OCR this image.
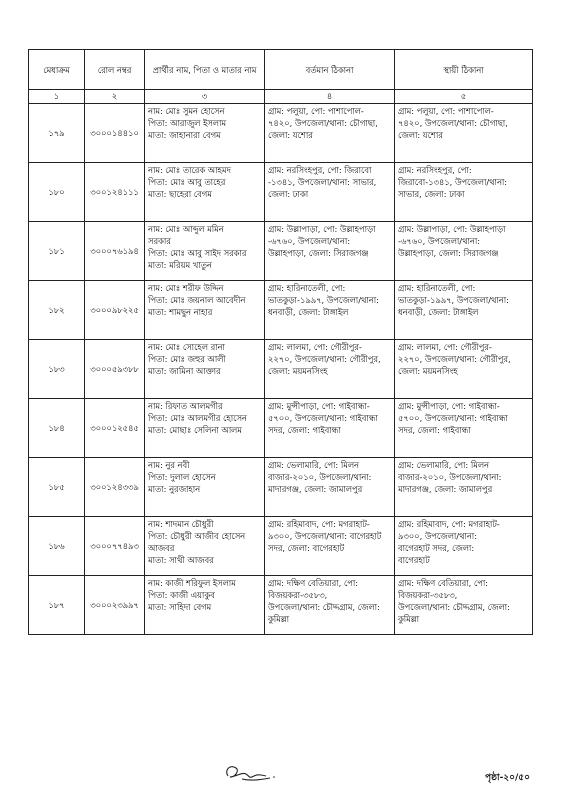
মেধাক্রম	রোল নম্বর	প্রার্থীর নাম, পিতা ও মাতার নাম	বর্তমান ঠিকানা	স্থায়ী ঠিকানা
১	২	৩	৪	৫
১৭৯	৩০০০১৪৪১০	নাম: মোঃ সুমন হোসেন
পিতা: আরাজুল ইসলাম
মাতা: জাহানারা বেগম	গ্রাম: পলুয়া, পো: পাশাপোল-
৭৪২০, উপজেলা/থানা: চৌগাছা,
জেলা: যশোর	গ্রাম: পলুয়া, পো: পাশাপোল-
৭৪২০, উপজেলা/থানা: চৌগাছা,
জেলা: যশোর

১৮০	৩০০১২৪১১১	নাম: মোঃ তারেক আহমদ
পিতা: মোঃ আবু তাহের
মাতা: ছাহেরা বেগম	গ্রাম: নরসিংহপুর, পো: জিরাবো
-১৩৪১, উপজেলা/থানা: সাভার,
জেলা: ঢাকা	গ্রাম: নরসিংহপুর, পো:
জিরাবো-১৩৪১, উপজেলা/থানা:
সাভার, জেলা: ঢাকা

১৮১	৩০০০৭৬১৯৪	নাম: মোঃ আব্দুল মমিন
সরকার
পিতা: মোঃ আবু সাইদ সরকার
মাতা: মরিয়ম খাতুন	গ্রাম: উল্লাপাড়া, পো: উল্লাহপাড়া
-৬৭৬০, উপজেলা/থানা:
উল্লাহপাড়া, জেলা: সিরাজগঞ্জ	গ্রাম: উল্লাপাড়া, পো: উল্লাহপাড়া
-৬৭৬০, উপজেলা/থানা:
উল্লাহপাড়া, জেলা: সিরাজগঞ্জ

১৮২	৩০০০৯৮২২৫	নাম: মোঃ শরীফ উদ্দিন
পিতা: মোঃ জয়নাল আবেদীন
মাতা: শামছুন নাহার	গ্রাম: হারিনাতেলী, পো:
ভাতকুড়া-১৯৯৭, উপজেলা/থানা:
ধনবাড়ী, জেলা: টাঙ্গাইল	গ্রাম: হারিনাতেলী, পো:
ভাতকুড়া-১৯৯৭, উপজেলা/থানা:
ধনবাড়ী, জেলা: টাঙ্গাইল

১৮৩	৩০০০৫৯৩৮৮	নাম: মোঃ সোহেল রানা
পিতা: মোঃ জহুর আলী
মাতা: জামিনা আক্তার	গ্রাম: লালমা, পো: গৌরীপুর-
২২৭০, উপজেলা/থানা: গৌরীপুর,
জেলা: ময়মনসিংহ	গ্রাম: লালমা, পো: গৌরীপুর-
২২৭০, উপজেলা/থানা: গৌরীপুর,
জেলা: ময়মনসিংহ

১৮৪	৩০০০১২৫৪৫	নাম: রিফাত আলমগীর
পিতা: মোঃ আলমগীর হোসেন
মাতা: মোছাঃ সেলিনা আলম	গ্রাম: মুন্সীপাড়া, পো: গাইবান্ধা-
৫৭০০, উপজেলা/থানা: গাইবান্ধা
সদর, জেলা: গাইবান্ধা	গ্রাম: মুন্সীপাড়া, পো: গাইবান্ধা-
৫৭০০, উপজেলা/থানা: গাইবান্ধা
সদর, জেলা: গাইবান্ধা

১৮৫	৩০০১২৪৩৩৯	নাম: নুর নবী
পিতা: দুলাল হোসেন
মাতা: নুরজাহান	গ্রাম: ভেলামারি, পো: মিলন
বাজার-২০১০, উপজেলা/থানা:
মাদারগঞ্জ, জেলা: জামালপুর	গ্রাম: ভেলামারি, পো: মিলন
বাজার-২০১০, উপজেলা/থানা:
মাদারগঞ্জ, জেলা: জামালপুর

১৮৬	৩০০০৭৭৪৯৩	নাম: শাদমান চৌধুরী
পিতা: চৌধুরী আজীব হোসেন
আজবর
মাতা: সাথী আজবর	গ্রাম: রহিমাবাদ, পো: মগরাহাট-
৯৩০০, উপজেলা/থানা: বাগেরহাট
সদর, জেলা: বাগেরহাট	গ্রাম: রহিমাবাদ, পো: মগরাহাট-
৯৩০০, উপজেলা/থানা:
বাগেরহাট সদর, জেলা:
বাগেরহাট

১৮৭	৩০০০২৩৯৯৭	নাম: কাজী শরিফুল ইসলাম
পিতা: কাজী এয়াকুব
মাতা: সাহিদা বেগম	গ্রাম: দক্ষিণ বেতিয়ারা, পো:
বিজয়করা-৩৫৮৩,
উপজেলা/থানা: চৌদ্দগ্রাম, জেলা:
কুমিল্লা	গ্রাম: দক্ষিণ বেতিয়ারা, পো:
বিজয়করা-৩৫৮৩,
উপজেলা/থানা: চৌদ্দগ্রাম, জেলা:
কুমিল্লা
পৃষ্ঠা-২০/৫০
